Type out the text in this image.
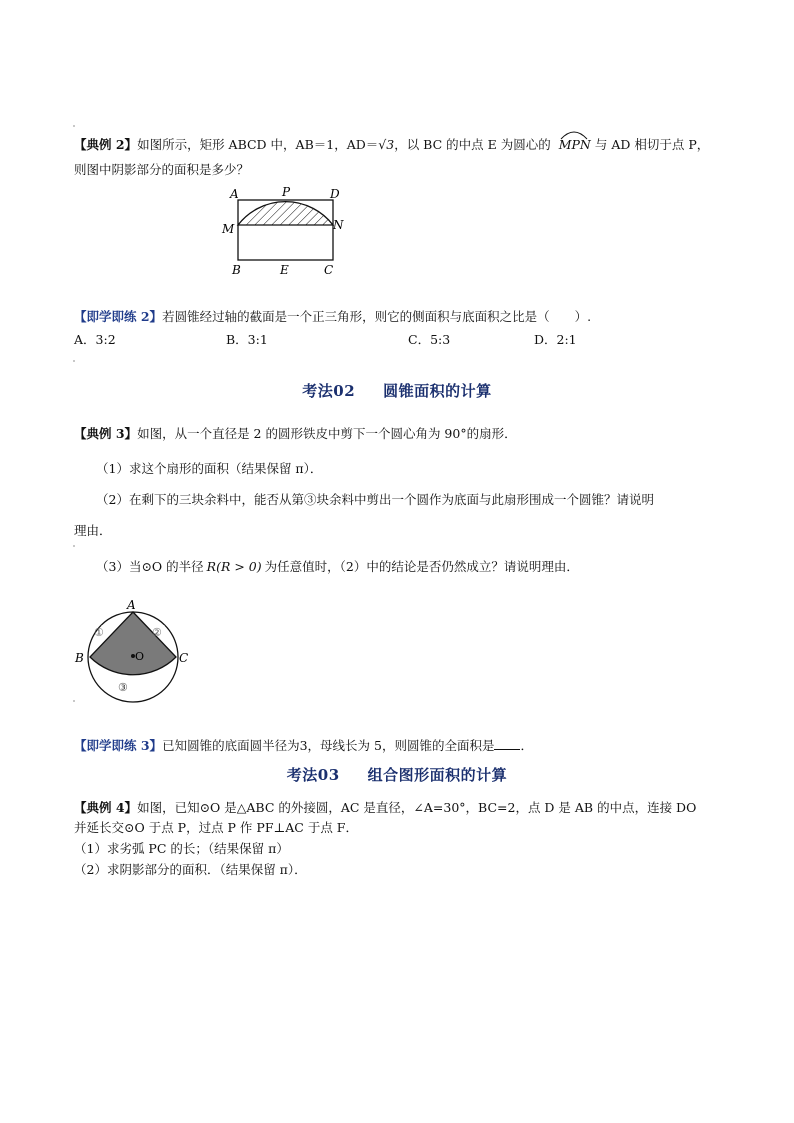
【典例 2】如图所示，矩形 ABCD 中，AB＝1，AD＝√3，以 BC 的中点 E 为圆心的 MPN 与 AD 相切于点 P，
则图中阴影部分的面积是多少？
A	P	D
M	N
B	E	C
【即学即练 2】若圆锥经过轴的截面是一个正三角形，则它的侧面积与底面积之比是（　　）.
A．3:2	B．3:1	C．5:3	D．2:1
考法02 圆锥面积的计算
【典例 3】如图，从一个直径是 2 的圆形铁皮中剪下一个圆心角为 90°的扇形．
（1）求这个扇形的面积（结果保留 π）．
（2）在剩下的三块余料中，能否从第③块余料中剪出一个圆作为底面与此扇形围成一个圆锥？请说明
理由．
（3）当⊙O 的半径 R(R > 0) 为任意值时，（2）中的结论是否仍然成立？请说明理由．
O
A
B	C
①	②
③
【即学即练 3】已知圆锥的底面圆半径为3，母线长为 5，则圆锥的全面积是 ．
考法03 组合图形面积的计算
【典例 4】如图，已知⊙O 是△ABC 的外接圆，AC 是直径，∠A=30°，BC=2，点 D 是 AB 的中点，连接 DO
并延长交⊙O 于点 P，过点 P 作 PF⊥AC 于点 F．
（1）求劣弧 PC 的长；（结果保留 π）
（2）求阴影部分的面积．（结果保留 π）．
